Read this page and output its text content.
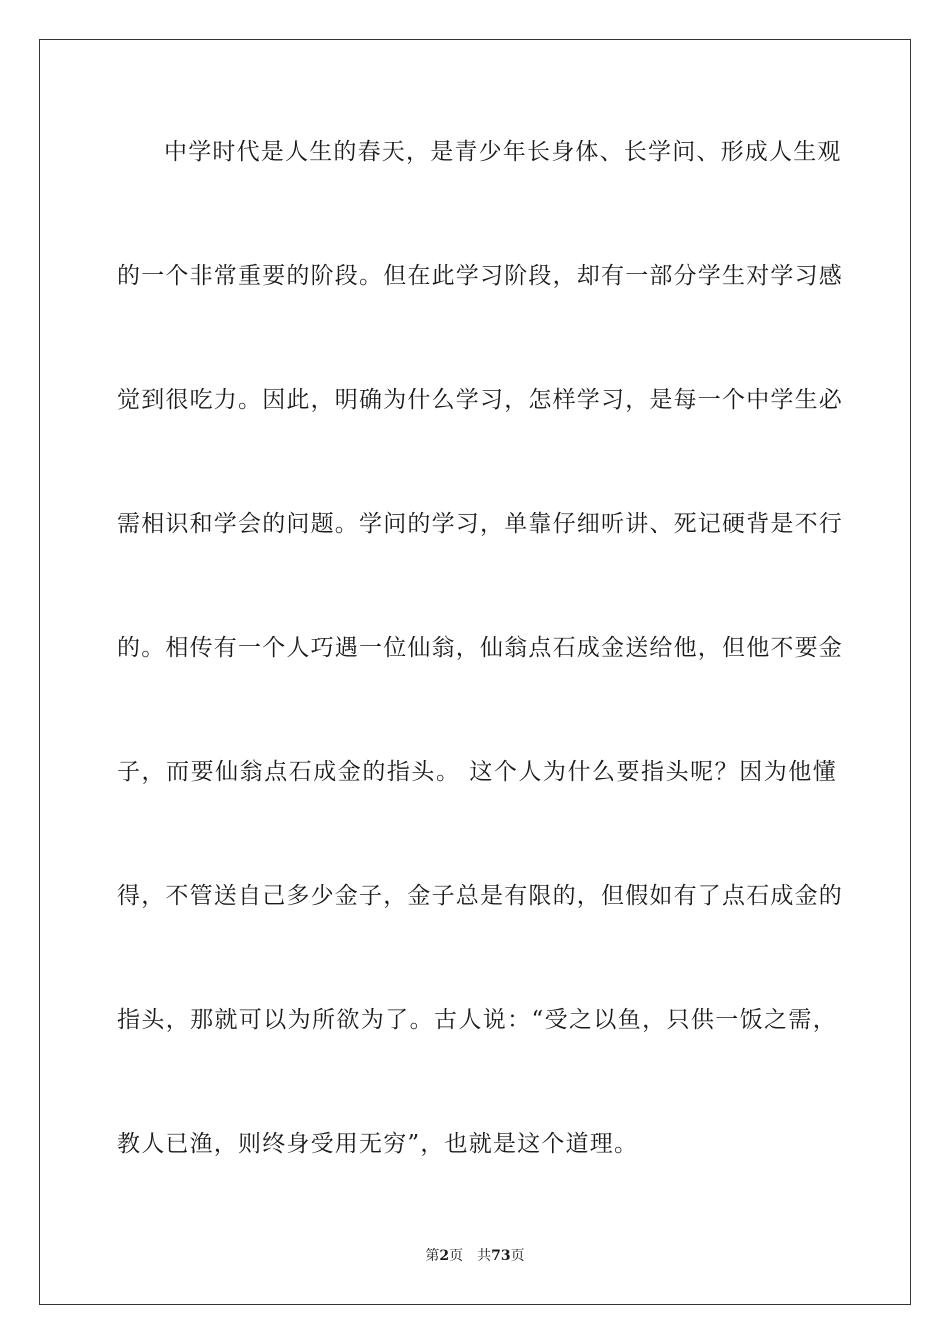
中学时代是人生的春天，是青少年长身体、长学问、形成人生观
的一个非常重要的阶段。但在此学习阶段，却有一部分学生对学习感
觉到很吃力。因此，明确为什么学习，怎样学习，是每一个中学生必
需相识和学会的问题。学问的学习，单靠仔细听讲、死记硬背是不行
的。相传有一个人巧遇一位仙翁，仙翁点石成金送给他，但他不要金
子，而要仙翁点石成金的指头。 这个人为什么要指头呢？因为他懂
得，不管送自己多少金子，金子总是有限的，但假如有了点石成金的
指头，那就可以为所欲为了。古人说：“受之以鱼，只供一饭之需，
教人已渔，则终身受用无穷”，也就是这个道理。
第2页 共73页
